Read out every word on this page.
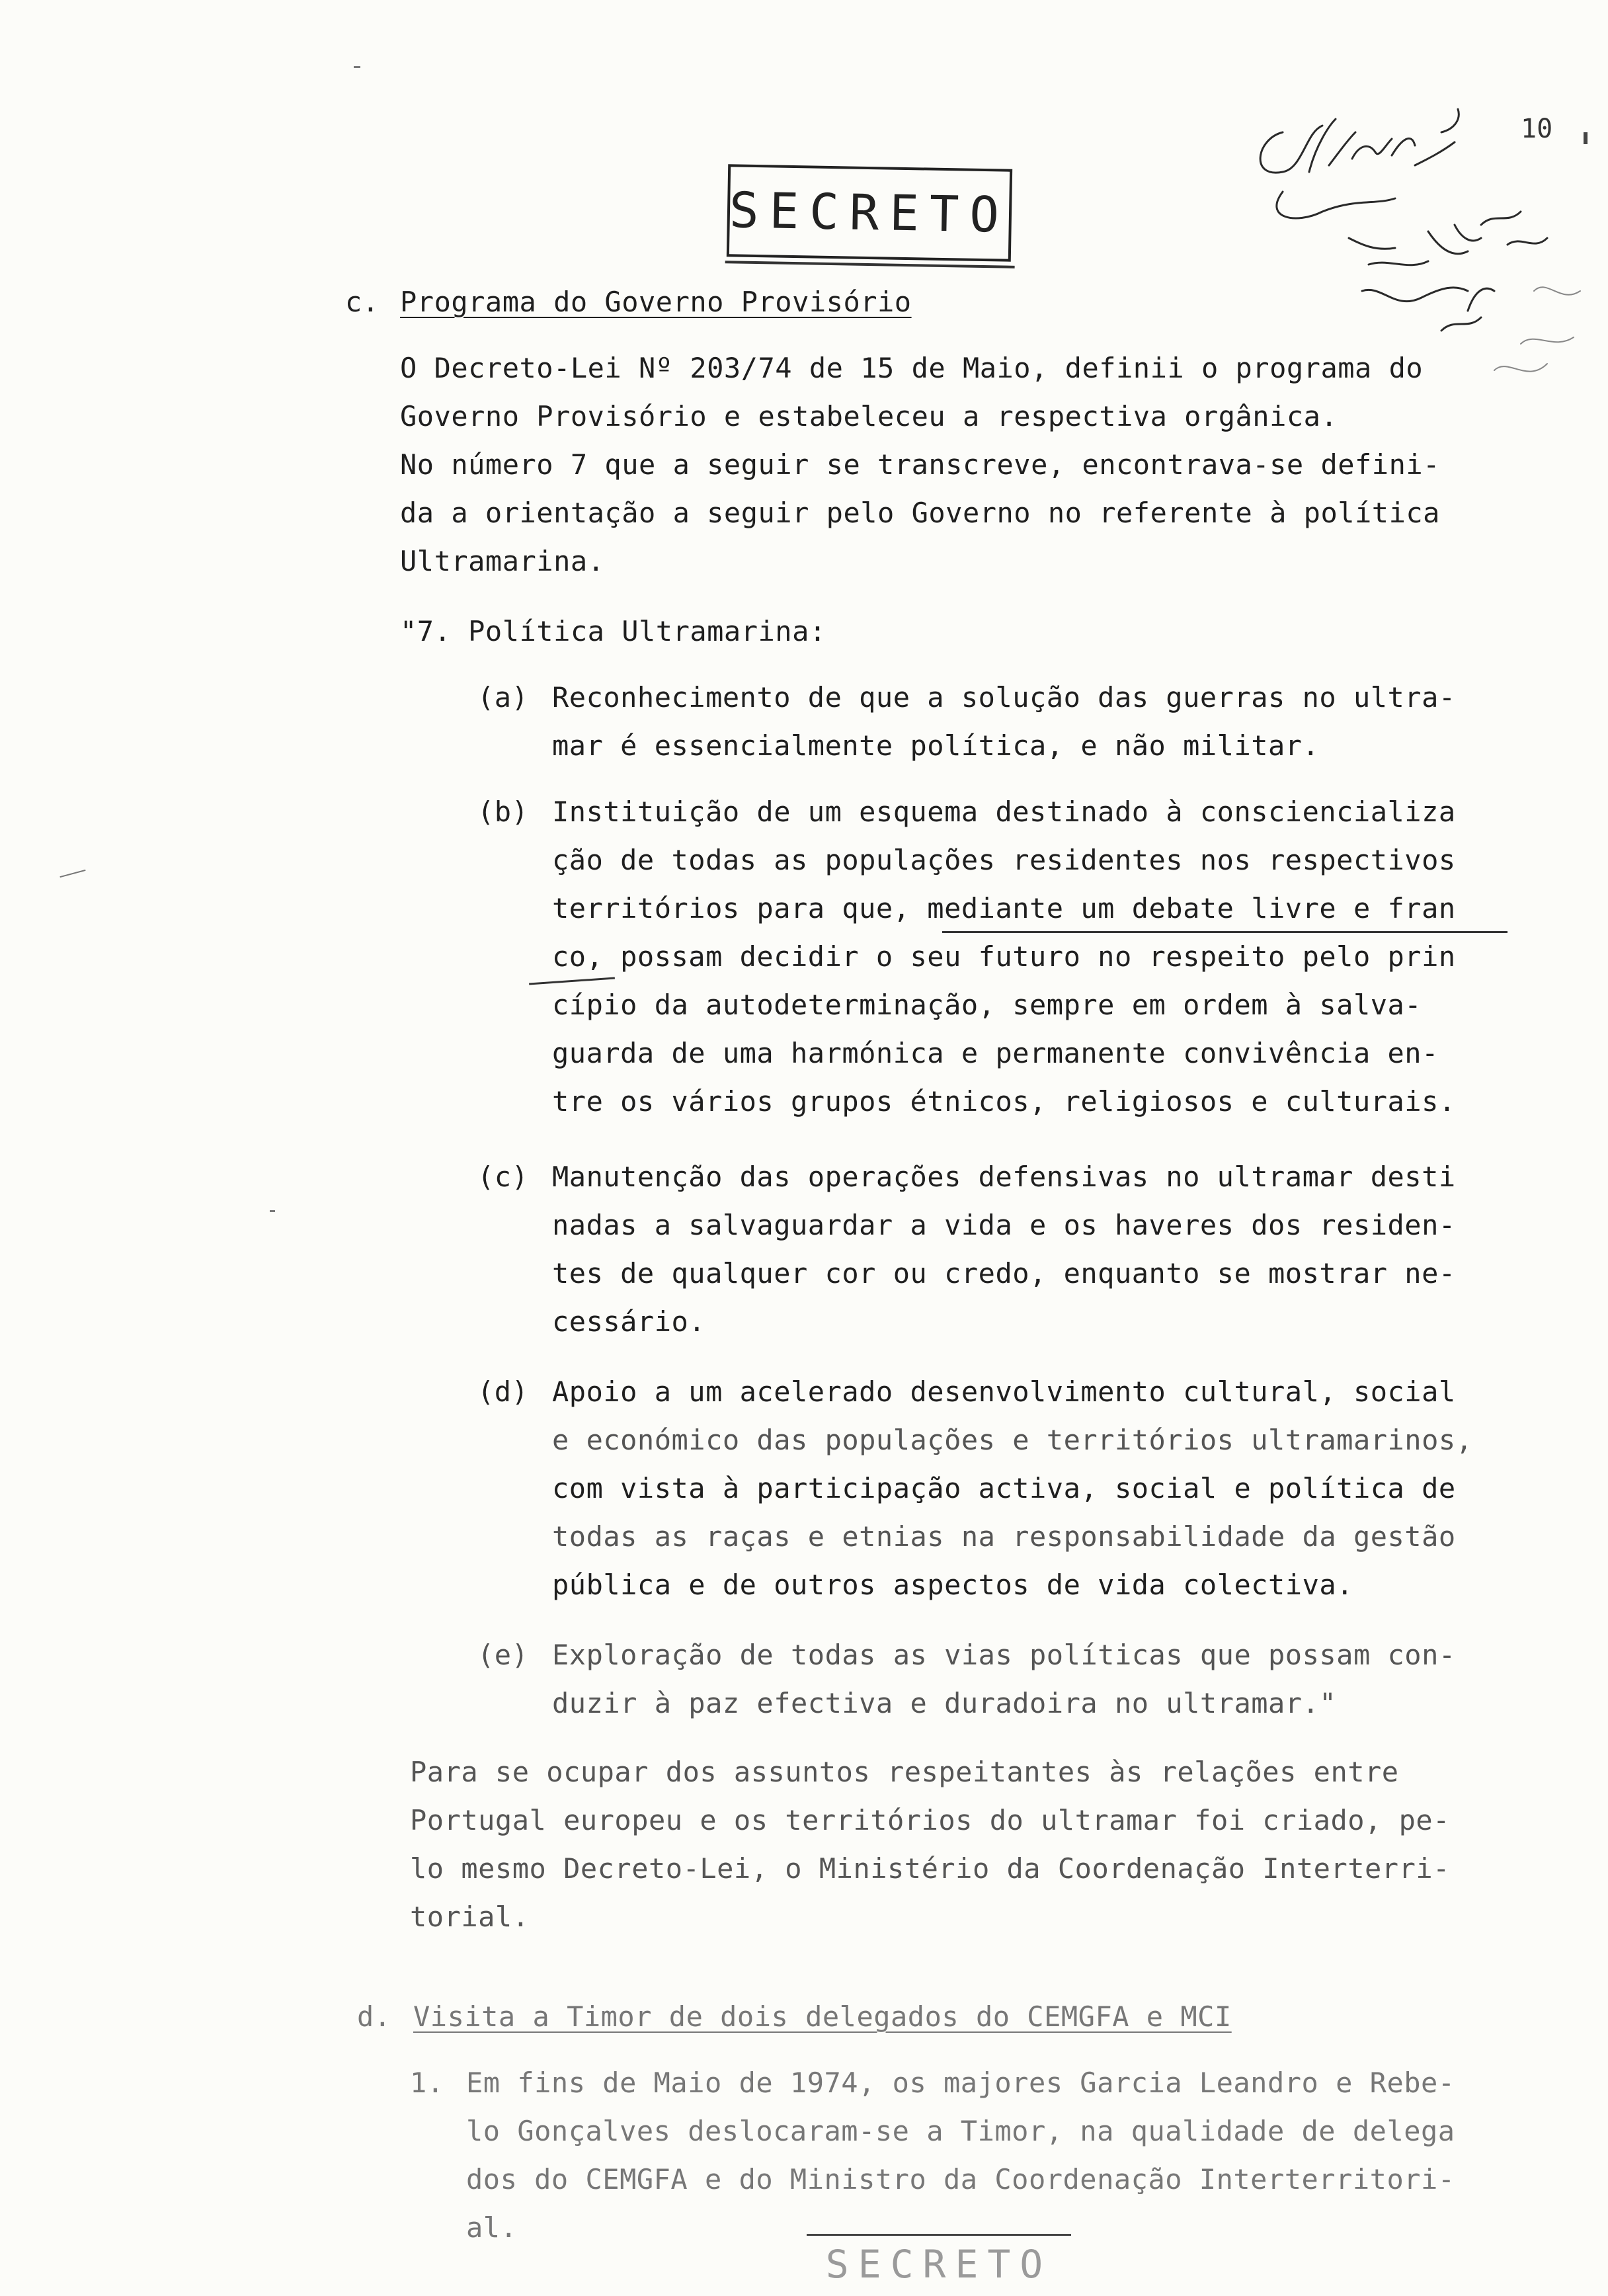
10
SECRETO
c. Programa do Governo Provisório
O Decreto-Lei Nº 203/74 de 15 de Maio, definii o programa do
Governo Provisório e estabeleceu a respectiva orgânica.
No número 7 que a seguir se transcreve, encontrava-se defini-
da a orientação a seguir pelo Governo no referente à política
Ultramarina.
"7. Política Ultramarina:
(a) Reconhecimento de que a solução das guerras no ultra-
mar é essencialmente política, e não militar.
(b) Instituição de um esquema destinado à consciencializa
ção de todas as populações residentes nos respectivos
territórios para que, mediante um debate livre e fran
co, possam decidir o seu futuro no respeito pelo prin
cípio da autodeterminação, sempre em ordem à salva-
guarda de uma harmónica e permanente convivência en-
tre os vários grupos étnicos, religiosos e culturais.
(c) Manutenção das operações defensivas no ultramar desti
nadas a salvaguardar a vida e os haveres dos residen-
tes de qualquer cor ou credo, enquanto se mostrar ne-
cessário.
(d) Apoio a um acelerado desenvolvimento cultural, social
e económico das populações e territórios ultramarinos,
com vista à participação activa, social e política de
todas as raças e etnias na responsabilidade da gestão
pública e de outros aspectos de vida colectiva.
(e) Exploração de todas as vias políticas que possam con-
duzir à paz efectiva e duradoira no ultramar."
Para se ocupar dos assuntos respeitantes às relações entre
Portugal europeu e os territórios do ultramar foi criado, pe-
lo mesmo Decreto-Lei, o Ministério da Coordenação Interterri-
torial.
d. Visita a Timor de dois delegados do CEMGFA e MCI
1. Em fins de Maio de 1974, os majores Garcia Leandro e Rebe-
lo Gonçalves deslocaram-se a Timor, na qualidade de delega
dos do CEMGFA e do Ministro da Coordenação Interterritori-
al.
SECRETO
